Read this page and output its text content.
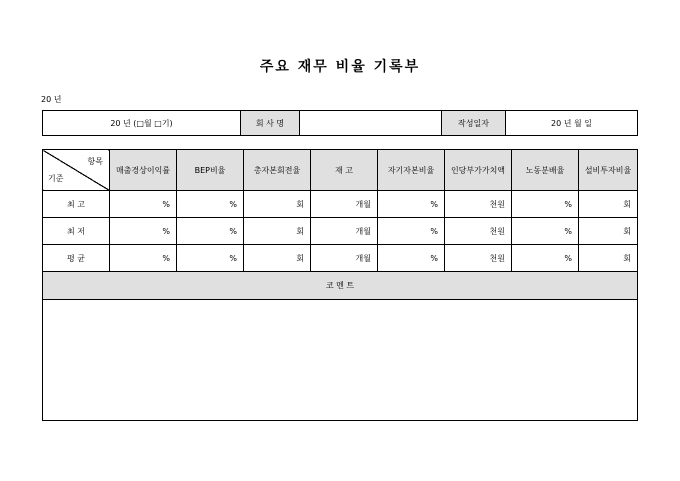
주요 재무 비율 기록부
20 년
20 년 (□월 □기)	회 사 명		작성일자	20 년 월 일
항목
기준	매출경상이익률	BEP비율	총자본회전율	재 고	자기자본비율	인당부가가치액	노동분배율	설비투자비율
최 고	%	%	회	개월	%	천원	%	회
최 저	%	%	회	개월	%	천원	%	회
평 균	%	%	회	개월	%	천원	%	회
코 멘 트								
